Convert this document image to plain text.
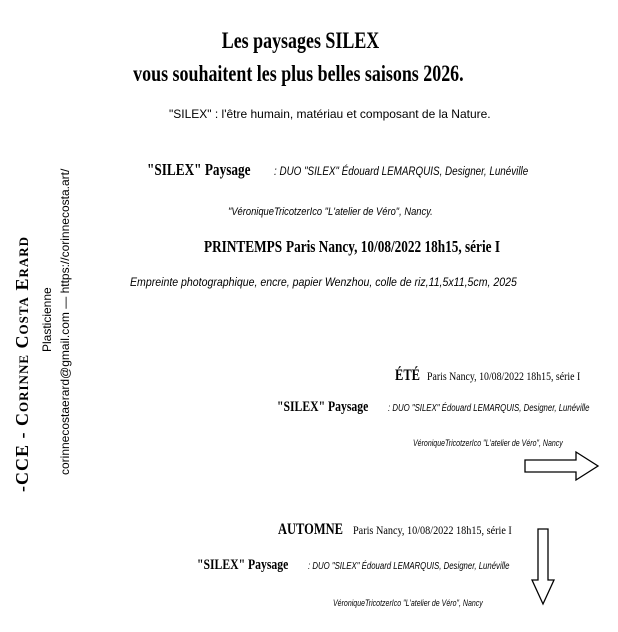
Les paysages SILEX
vous souhaitent les plus belles saisons 2026.
"SILEX" : l'être humain, matériau et composant de la Nature.
"SILEX" Paysage : DUO "SILEX" Édouard LEMARQUIS, Designer, Lunéville
"VéroniqueTricotzerIco "L'atelier de Véro", Nancy.
PRINTEMPS Paris Nancy, 10/08/2022 18h15, série I
Empreinte photographique, encre, papier Wenzhou, colle de riz,11,5x11,5cm, 2025
ÉTÉ Paris Nancy, 10/08/2022 18h15, série I
"SILEX" Paysage : DUO "SILEX" Édouard LEMARQUIS, Designer, Lunéville
VéroniqueTricotzerIco "L'atelier de Véro", Nancy
AUTOMNE Paris Nancy, 10/08/2022 18h15, série I
"SILEX" Paysage : DUO "SILEX" Édouard LEMARQUIS, Designer, Lunéville
VéroniqueTricotzerIco "L'atelier de Véro", Nancy
-CCE - Corinne Costa Erard Plasticienne corinnecostaerard@gmail.com — https://corinnecosta.art/
